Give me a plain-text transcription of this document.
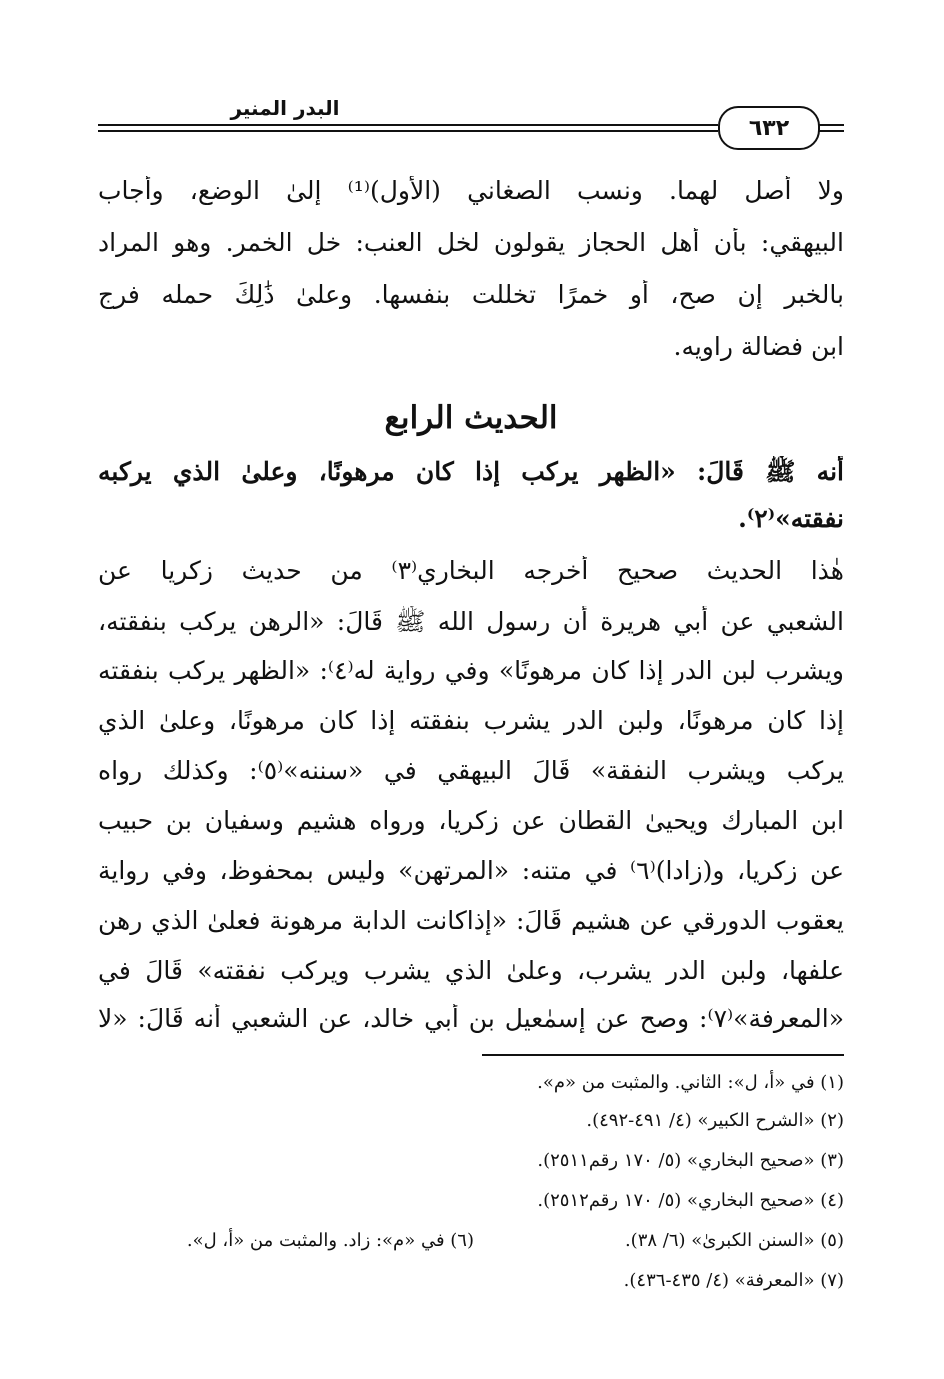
البدر المنير
٦٣٢
ولا أصل لهما. ونسب الصغاني (الأول)⁽¹⁾ إلىٰ الوضع، وأجاب
البيهقي: بأن أهل الحجاز يقولون لخل العنب: خل الخمر. وهو المراد
بالخبر إن صح، أو خمرًا تخللت بنفسها. وعلىٰ ذَٰلِكَ حمله فرج
ابن فضالة راويه.
الحديث الرابع
أنه ﷺ قَالَ: «الظهر يركب إذا كان مرهونًا، وعلىٰ الذي يركبه
نفقته»⁽٢⁾.
هٰذا الحديث صحيح أخرجه البخاري⁽٣⁾ من حديث زكريا عن
الشعبي عن أبي هريرة أن رسول الله ﷺ قَالَ: «الرهن يركب بنفقته،
ويشرب لبن الدر إذا كان مرهونًا» وفي رواية له⁽٤⁾: «الظهر يركب بنفقته
إذا كان مرهونًا، ولبن الدر يشرب بنفقته إذا كان مرهونًا، وعلىٰ الذي
يركب ويشرب النفقة» قَالَ البيهقي في «سننه»⁽٥⁾: وكذلك رواه
ابن المبارك ويحيىٰ القطان عن زكريا، ورواه هشيم وسفيان بن حبيب
عن زكريا، و(زادا)⁽٦⁾ في متنه: «المرتهن» وليس بمحفوظ، وفي رواية
يعقوب الدورقي عن هشيم قَالَ: «إذاكانت الدابة مرهونة فعلىٰ الذي رهن
علفها، ولبن الدر يشرب، وعلىٰ الذي يشرب ويركب نفقته» قَالَ في
«المعرفة»⁽٧⁾: وصح عن إسمٰعيل بن أبي خالد، عن الشعبي أنه قَالَ: «لا
(١) في «أ، ل»: الثاني. والمثبت من «م».
(٢) «الشرح الكبير» (٤/ ٤٩١-٤٩٢).
(٣) «صحيح البخاري» (٥/ ١٧٠ رقم٢٥١١).
(٤) «صحيح البخاري» (٥/ ١٧٠ رقم٢٥١٢).
(٥) «السنن الكبرىٰ» (٦/ ٣٨).
(٦) في «م»: زاد. والمثبت من «أ، ل».
(٧) «المعرفة» (٤/ ٤٣٥-٤٣٦).
